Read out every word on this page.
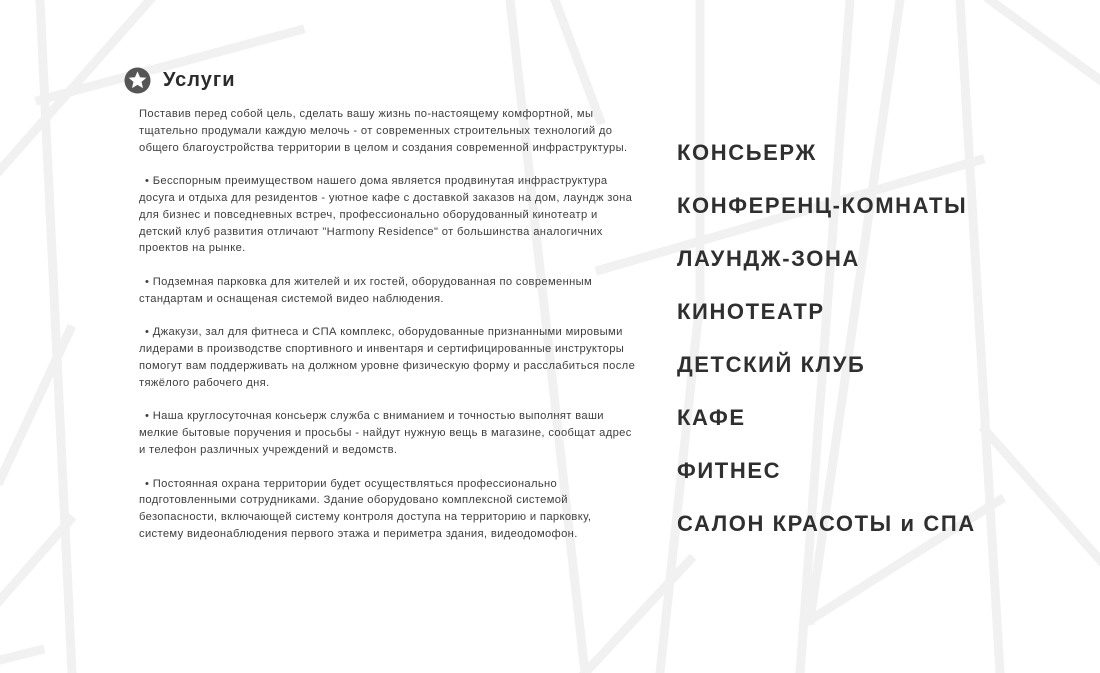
Услуги

Поставив перед собой цель, сделать вашу жизнь по-настоящему комфортной, мы тщательно продумали каждую мелочь - от современных строительных технологий до общего благоустройства территории в целом и создания современной инфраструктуры.

• Бесспорным преимуществом нашего дома является продвинутая инфраструктура досуга и отдыха для резидентов - уютное кафе с доставкой заказов на дом, лаундж зона для бизнес и повседневных встреч, профессионально оборудованный кинотеатр и детский клуб развития отличают "Harmony Residence" от большинства аналогичних проектов на рынке.

• Подземная парковка для жителей и их гостей, оборудованная по современным стандартам и оснащеная системой видео наблюдения.

• Джакузи, зал для фитнеса и СПА комплекс, оборудованные признанными мировыми лидерами в производстве спортивного и инвентаря и сертифицированные инструкторы помогут вам поддерживать на должном уровне физическую форму и расслабиться после тяжёлого рабочего дня.

• Наша круглосуточная консьерж служба с вниманием и точностью выполнят ваши мелкие бытовые поручения и просьбы - найдут нужную вещь в магазине, сообщат адрес и телефон различных учреждений и ведомств.

• Постоянная охрана территории будет осуществляться профессионально подготовленными сотрудниками. Здание оборудовано комплексной системой безопасности, включающей систему контроля доступа на территорию и парковку, систему видеонаблюдения первого этажа и периметра здания, видеодомофон.

КОНСЬЕРЖ
КОНФЕРЕНЦ-КОМНАТЫ
ЛАУНДЖ-ЗОНА
КИНОТЕАТР
ДЕТСКИЙ КЛУБ
КАФЕ
ФИТНЕС
САЛОН КРАСОТЫ и СПА
